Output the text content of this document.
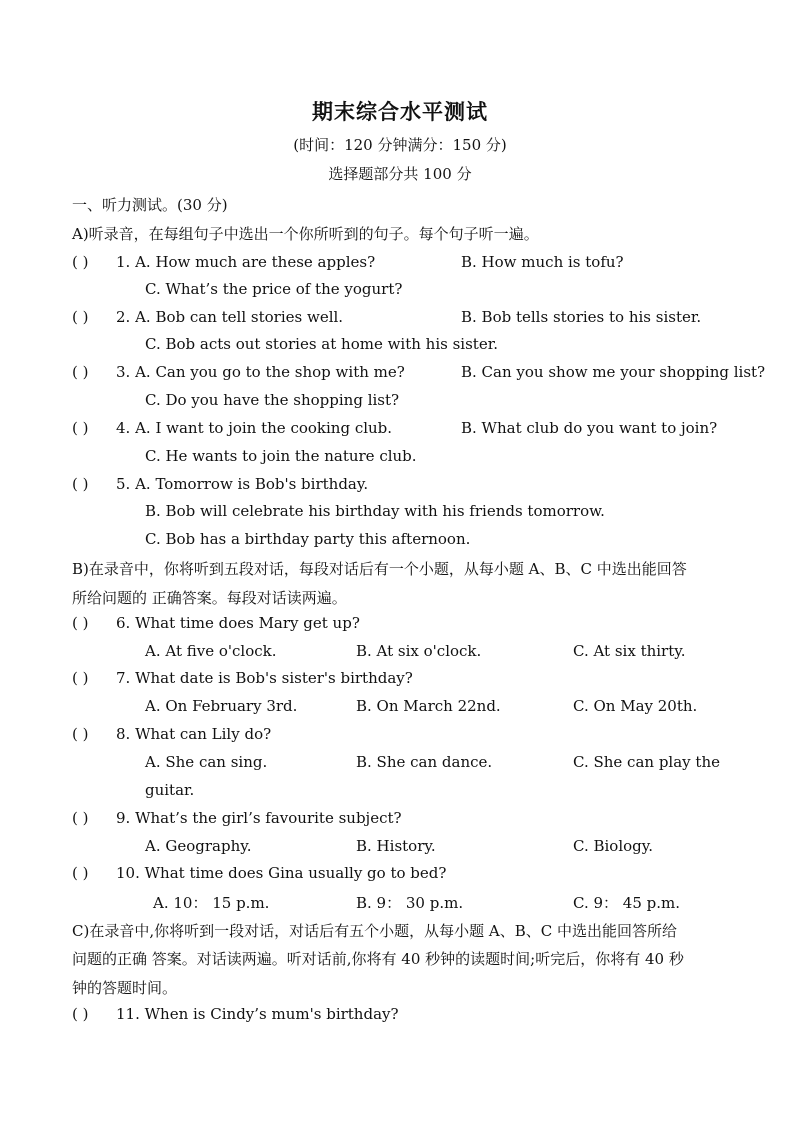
期末综合水平测试
(时间：120 分钟满分：150 分)
选择题部分共 100 分
一、听力测试。(30 分)
A)听录音，在每组句子中选出一个你所听到的句子。每个句子听一遍。
( ) 1. A. How much are these apples?	B. How much is tofu?
C. What’s the price of the yogurt?
( ) 2. A. Bob can tell stories well.	B. Bob tells stories to his sister.
C. Bob acts out stories at home with his sister.
( ) 3. A. Can you go to the shop with me?	B. Can you show me your shopping list?
C. Do you have the shopping list?
( ) 4. A. I want to join the cooking club.	B. What club do you want to join?
C. He wants to join the nature club.
( ) 5. A. Tomorrow is Bob's birthday.
B. Bob will celebrate his birthday with his friends tomorrow.
C. Bob has a birthday party this afternoon.
B)在录音中，你将听到五段对话，每段对话后有一个小题，从每小题 A、B、C 中选出能回答
所给问题的 正确答案。每段对话读两遍。
( ) 6. What time does Mary get up?
A. At five o'clock.	B. At six o'clock.	C. At six thirty.
( ) 7. What date is Bob's sister's birthday?
A. On February 3rd.	B. On March 22nd.	C. On May 20th.
( ) 8. What can Lily do?
A. She can sing.	B. She can dance.	C. She can play the
guitar.
( ) 9. What’s the girl’s favourite subject?
A. Geography.	B. History.	C. Biology.
( ) 10. What time does Gina usually go to bed?
A. 10： 15 p.m.	B. 9： 30 p.m.	C. 9： 45 p.m.
C)在录音中,你将听到一段对话，对话后有五个小题，从每小题 A、B、C 中选出能回答所给
问题的正确 答案。对话读两遍。听对话前,你将有 40 秒钟的读题时间;听完后，你将有 40 秒
钟的答题时间。
( ) 11. When is Cindy’s mum's birthday?
